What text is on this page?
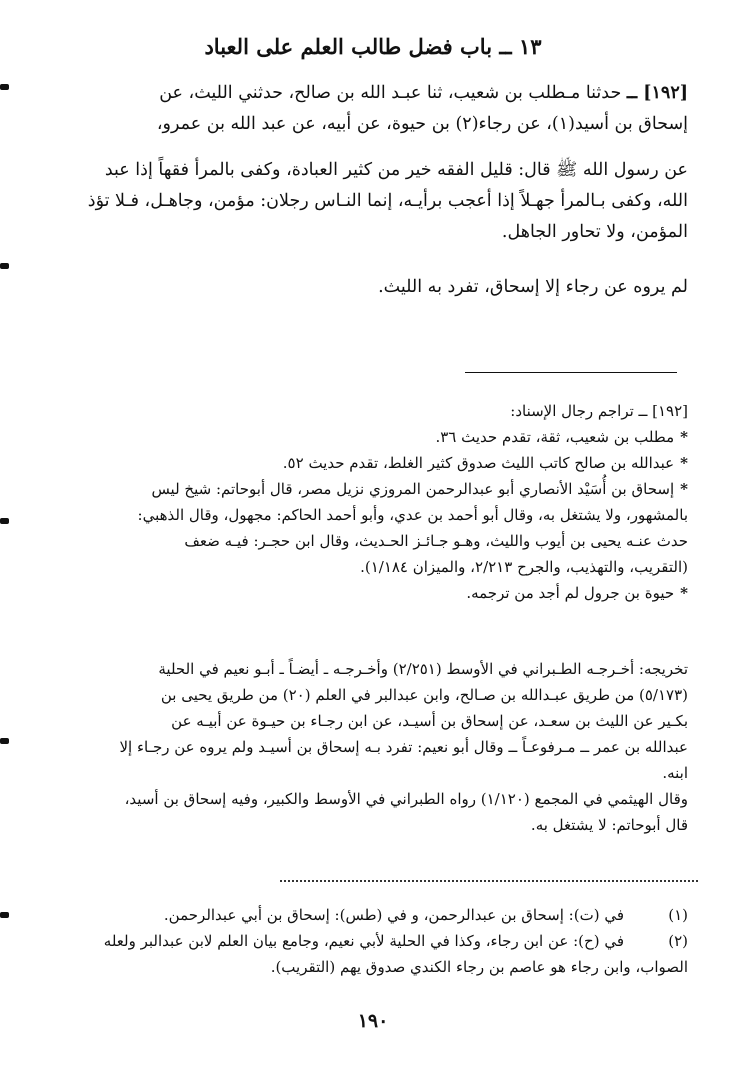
١٣ ــ باب فضل طالب العلم على العباد

[١٩٢] ــ حدثنا مـطلب بن شعيب، ثنا عبـد الله بن صالح، حدثني الليث، عن

إسحاق بن أسيد(١)، عن رجاء(٢) بن حيوة، عن أبيه، عن عبد الله بن عمرو،

عن رسول الله ﷺ قال: قليل الفقه خير من كثير العبادة، وكفى بالمرأ فقهاً إذا عبد

الله، وكفى بـالمرأ جهـلاً إذا أعجب برأيـه، إنما النـاس رجلان: مؤمن، وجاهـل، فـلا تؤذ

المؤمن، ولا تحاور الجاهل.

لم يروه عن رجاء إلا إسحاق، تفرد به الليث.

[١٩٢] ــ تراجم رجال الإسناد:

*مطلب بن شعيب، ثقة، تقدم حديث ٣٦.

*عبدالله بن صالح كاتب الليث صدوق كثير الغلط، تقدم حديث ٥٢.

*إسحاق بن أُسَيْد الأنصاري أبو عبدالرحمن المروزي نزيل مصر، قال أبوحاتم: شيخ ليس

بالمشهور، ولا يشتغل به، وقال أبو أحمد بن عدي، وأبو أحمد الحاكم: مجهول، وقال الذهبي:

حدث عنـه يحيى بن أيوب والليث، وهـو جـائـز الحـديث، وقال ابن حجـر: فيـه ضعف

(التقريب، والتهذيب، والجرح ٢/٢١٣، والميزان ١/١٨٤).

*حيوة بن جرول لم أجد من ترجمه.

تخريجه: أخـرجـه الطـبراني في الأوسط (٢/٢٥١) وأخـرجـه ـ أيضـاً ـ أبـو نعيم في الحلية

(٥/١٧٣) من طريق عبـدالله بن صـالح، وابن عبدالبر في العلم (٢٠) من طريق يحيى بن

بكـير عن الليث بن سعـد، عن إسحاق بن أسيـد، عن ابن رجـاء بن حيـوة عن أبيـه عن

عبدالله بن عمر ــ مـرفوعـاً ــ وقال أبو نعيم: تفرد بـه إسحاق بن أسيـد ولم يروه عن رجـاء إلا

ابنه.

وقال الهيثمي في المجمع (١/١٢٠) رواه الطبراني في الأوسط والكبير، وفيه إسحاق بن أسيد،

قال أبوحاتم: لا يشتغل به.

(١)
في (ت): إسحاق بن عبدالرحمن، و في (طس): إسحاق بن أبي عبدالرحمن.
(٢)
في (ح): عن ابن رجاء، وكذا في الحلية لأبي نعيم، وجامع بيان العلم لابن عبدالبر ولعله
الصواب، وابن رجاء هو عاصم بن رجاء الكندي صدوق يهم (التقريب).
١٩٠
